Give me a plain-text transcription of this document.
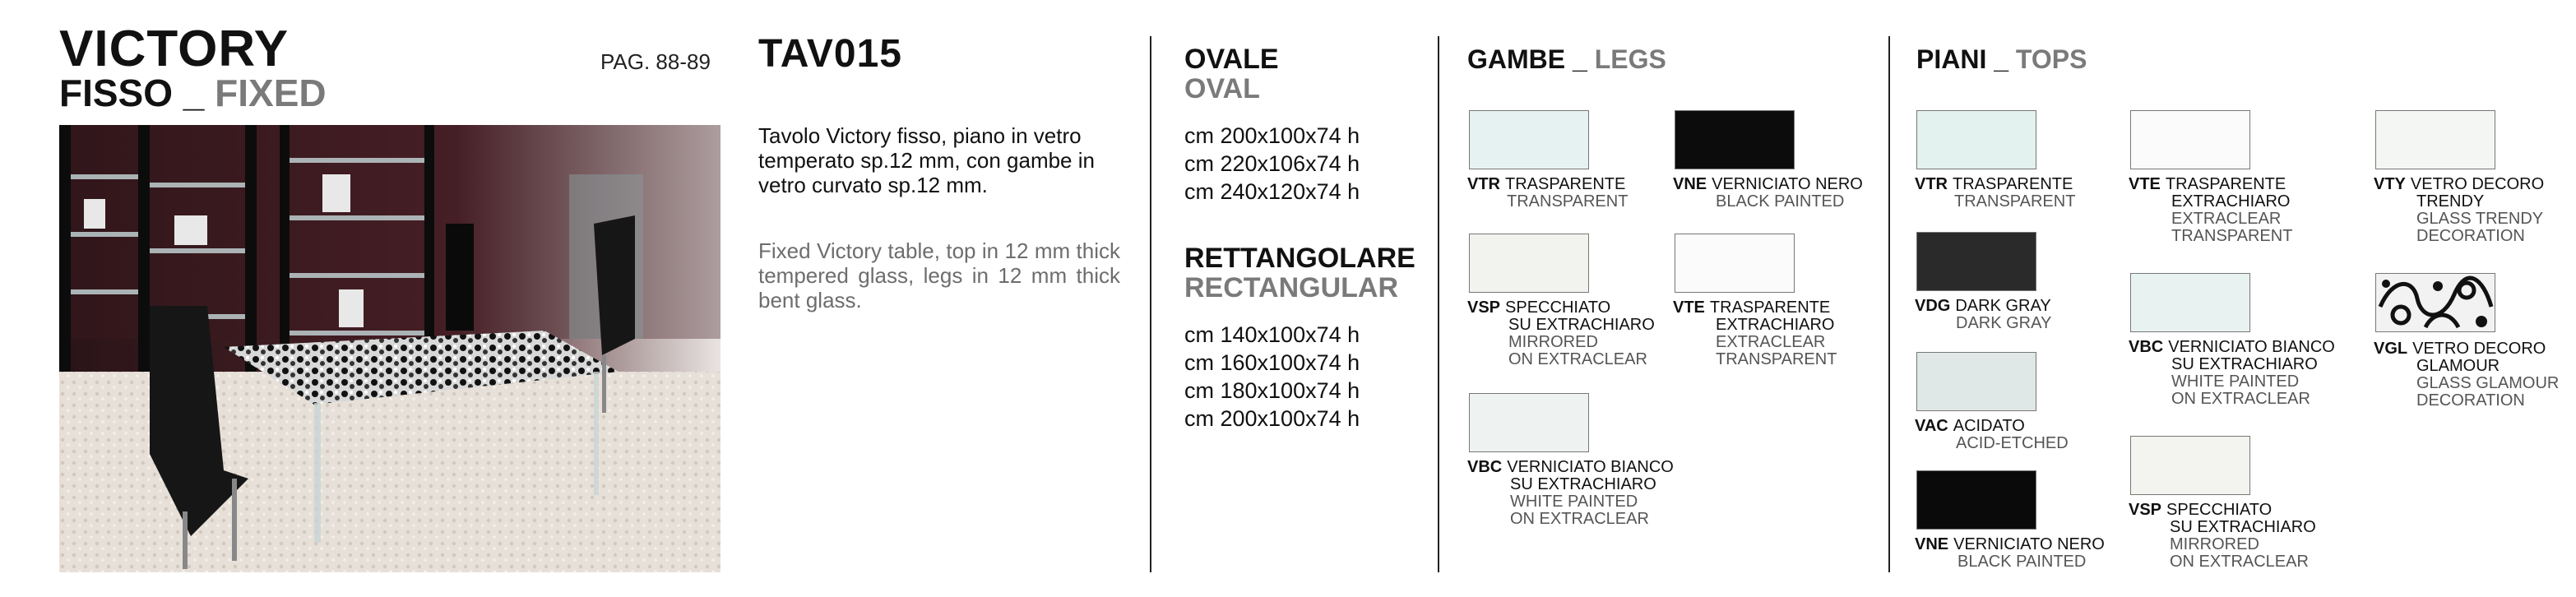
VICTORY
FISSO _ FIXED
PAG. 88-89 TAV015
Tavolo Victory fisso, piano in vetro temperato sp.12 mm, con gambe in vetro curvato sp.12 mm.
Fixed Victory table, top in 12 mm thick tempered glass, legs in 12 mm thick bent glass.
OVALE
OVAL
cm 200x100x74 h
cm 220x106x74 h
cm 240x120x74 h
RETTANGOLARE
RECTANGULAR
cm 140x100x74 h
cm 160x100x74 h
cm 180x100x74 h
cm 200x100x74 h
GAMBE _ LEGS
VTR TRASPARENTE
TRANSPARENT
VNE VERNICIATO NERO
BLACK PAINTED
VSP SPECCHIATO
SU EXTRACHIARO
MIRRORED
ON EXTRACLEAR
VTE TRASPARENTE
EXTRACHIARO
EXTRACLEAR
TRANSPARENT
VBC VERNICIATO BIANCO
SU EXTRACHIARO
WHITE PAINTED
ON EXTRACLEAR
PIANI _ TOPS
VTR TRASPARENTE
TRANSPARENT
VDG DARK GRAY
DARK GRAY
VAC ACIDATO
ACID-ETCHED
VNE VERNICIATO NERO
BLACK PAINTED
VTE TRASPARENTE
EXTRACHIARO
EXTRACLEAR
TRANSPARENT
VBC VERNICIATO BIANCO
SU EXTRACHIARO
WHITE PAINTED
ON EXTRACLEAR
VSP SPECCHIATO
SU EXTRACHIARO
MIRRORED
ON EXTRACLEAR
VTY VETRO DECORO
TRENDY
GLASS TRENDY
DECORATION
VGL VETRO DECORO
GLAMOUR
GLASS GLAMOUR
DECORATION
